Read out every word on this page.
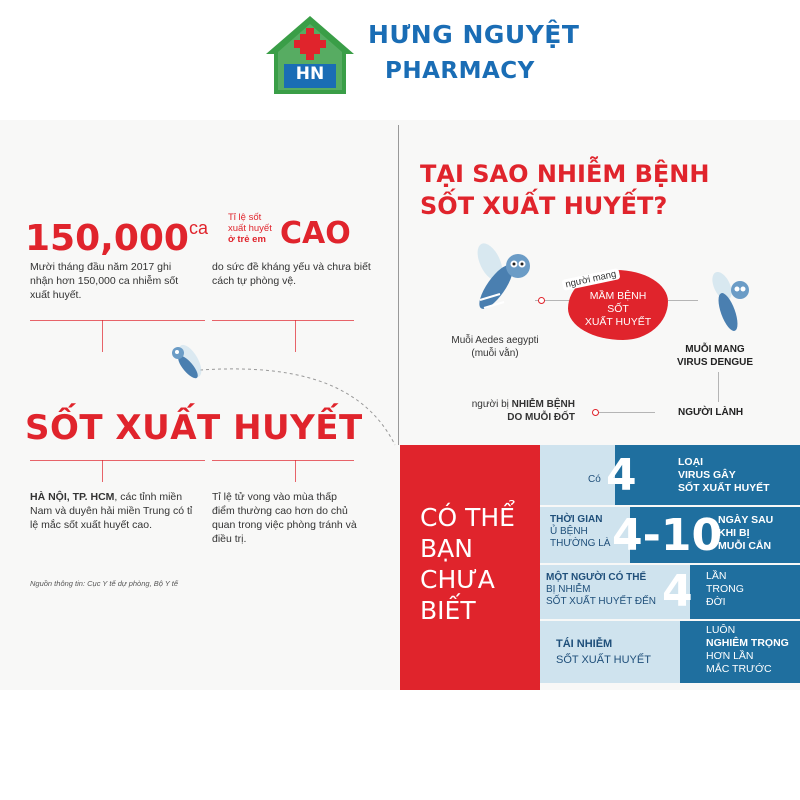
HN
HƯNG NGUYỆT
PHARMACY
150,000ca
Mười tháng đầu năm 2017 ghi nhận hơn 150,000 ca nhiễm sốt xuất huyết.
Tỉ lệ sốt
xuất huyết
ở trẻ em CAO
do sức đề kháng yếu và chưa biết cách tự phòng vệ.
SỐT XUẤT HUYẾT
HÀ NỘI, TP. HCM, các tỉnh miền Nam và duyên hải miền Trung có tỉ lệ mắc sốt xuất huyết cao.
Tỉ lệ tử vong vào mùa thấp điểm thường cao hơn do chủ quan trong việc phòng tránh và điều trị.
Nguồn thông tin: Cục Y tế dự phòng, Bộ Y tế
TẠI SAO NHIỄM BỆNH
SỐT XUẤT HUYẾT?
Muỗi Aedes aegypti
(muỗi vằn)
người mang
MẦM BỆNH
SỐT
XUẤT HUYẾT
MUỖI MANG
VIRUS DENGUE
người bị NHIỄM BỆNH
DO MUỖI ĐỐT	NGƯỜI LÀNH
CÓ THỂ
BẠN
CHƯA
BIẾT
Có 4	LOẠI
VIRUS GÂY
SỐT XUẤT HUYẾT
THỜI GIAN
Ủ BỆNH
THƯỜNG LÀ 4-10
NGÀY SAU
KHI BỊ
MUỖI CẮN
MỘT NGƯỜI CÓ THỂ
BỊ NHIỄM
SỐT XUẤT HUYẾT ĐẾN 4 LẦN
TRONG
ĐỜI
TÁI NHIỄM
SỐT XUẤT HUYẾT
LUÔN
NGHIÊM TRỌNG
HƠN LẦN
MẮC TRƯỚC
